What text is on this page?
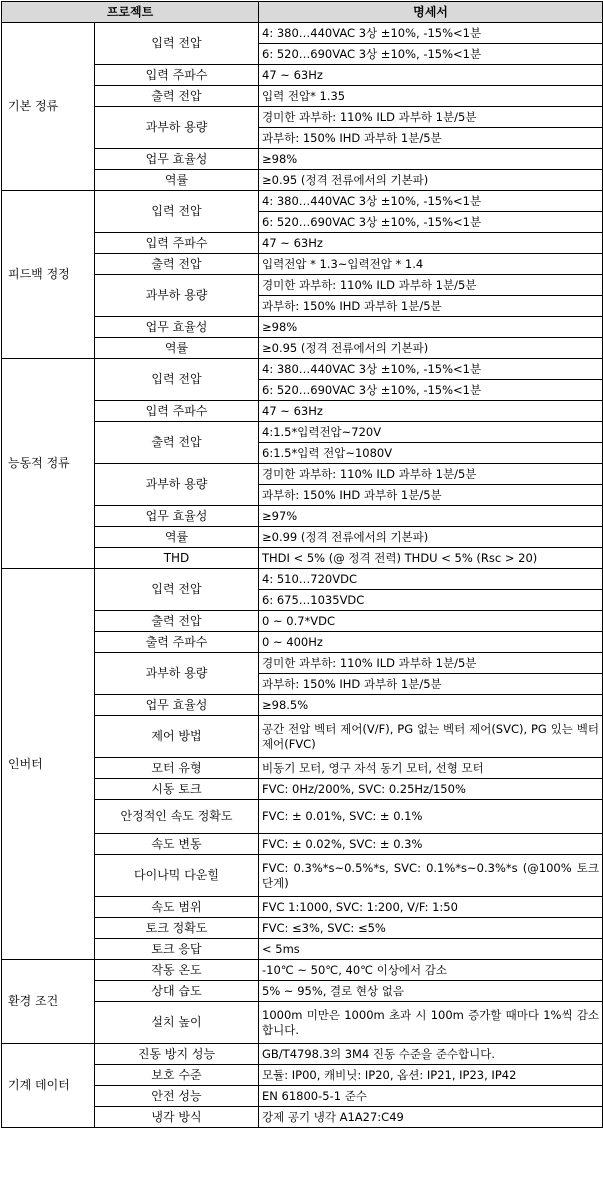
프로젝트		명세서
기본 정류	입력 전압	4: 380…440VAC 3상 ±10%, -15%<1분
		6: 520…690VAC 3상 ±10%, -15%<1분
	입력 주파수	47 ~ 63Hz
	출력 전압	입력 전압* 1.35
	과부하 용량	경미한 과부하: 110% ILD 과부하 1분/5분
		과부하: 150% IHD 과부하 1분/5분
	업무 효율성	≥98%
	역률	≥0.95 (정격 전류에서의 기본파)
피드백 정정	입력 전압	4: 380…440VAC 3상 ±10%, -15%<1분
		6: 520…690VAC 3상 ±10%, -15%<1분
	입력 주파수	47 ~ 63Hz
	출력 전압	입력전압 * 1.3~입력전압 * 1.4
	과부하 용량	경미한 과부하: 110% ILD 과부하 1분/5분
		과부하: 150% IHD 과부하 1분/5분
	업무 효율성	≥98%
	역률	≥0.95 (정격 전류에서의 기본파)
능동적 정류	입력 전압	4: 380…440VAC 3상 ±10%, -15%<1분
		6: 520…690VAC 3상 ±10%, -15%<1분
	입력 주파수	47 ~ 63Hz
	출력 전압	4:1.5*입력전압~720V
		6:1.5*입력 전압~1080V
	과부하 용량	경미한 과부하: 110% ILD 과부하 1분/5분
		과부하: 150% IHD 과부하 1분/5분
	업무 효율성	≥97%
	역률	≥0.99 (정격 전류에서의 기본파)
	THD	THDI < 5% (@ 정격 전력) THDU < 5% (Rsc > 20)
인버터	입력 전압	4: 510…720VDC
		6: 675…1035VDC
	출력 전압	0 ~ 0.7*VDC
	출력 주파수	0 ~ 400Hz
	과부하 용량	경미한 과부하: 110% ILD 과부하 1분/5분
		과부하: 150% IHD 과부하 1분/5분
	업무 효율성	≥98.5%
	제어 방법	공간 전압 벡터 제어(V/F), PG 없는 벡터 제어(SVC), PG 있는 벡터 제어(FVC)
	모터 유형	비동기 모터, 영구 자석 동기 모터, 선형 모터
	시동 토크	FVC: 0Hz/200%, SVC: 0.25Hz/150%
	안정적인 속도 정확도	FVC: ± 0.01%, SVC: ± 0.1%
	속도 변동	FVC: ± 0.02%, SVC: ± 0.3%
	다이나믹 다운힐	FVC: 0.3%*s~0.5%*s, SVC: 0.1%*s~0.3%*s (@100% 토크 단계)
	속도 범위	FVC 1:1000, SVC: 1:200, V/F: 1:50
	토크 정확도	FVC: ≤3%, SVC: ≤5%
	토크 응답	< 5ms
환경 조건	작동 온도	-10℃ ~ 50℃, 40℃ 이상에서 감소
	상대 습도	5% ~ 95%, 결로 현상 없음
	설치 높이	1000m 미만은 1000m 초과 시 100m 증가할 때마다 1%씩 감소합니다.
기계 데이터	진동 방지 성능	GB/T4798.3의 3M4 진동 수준을 준수합니다.
	보호 수준	모듈: IP00, 캐비닛: IP20, 옵션: IP21, IP23, IP42
	안전 성능	EN 61800-5-1 준수
	냉각 방식	강제 공기 냉각 A1A27:C49
